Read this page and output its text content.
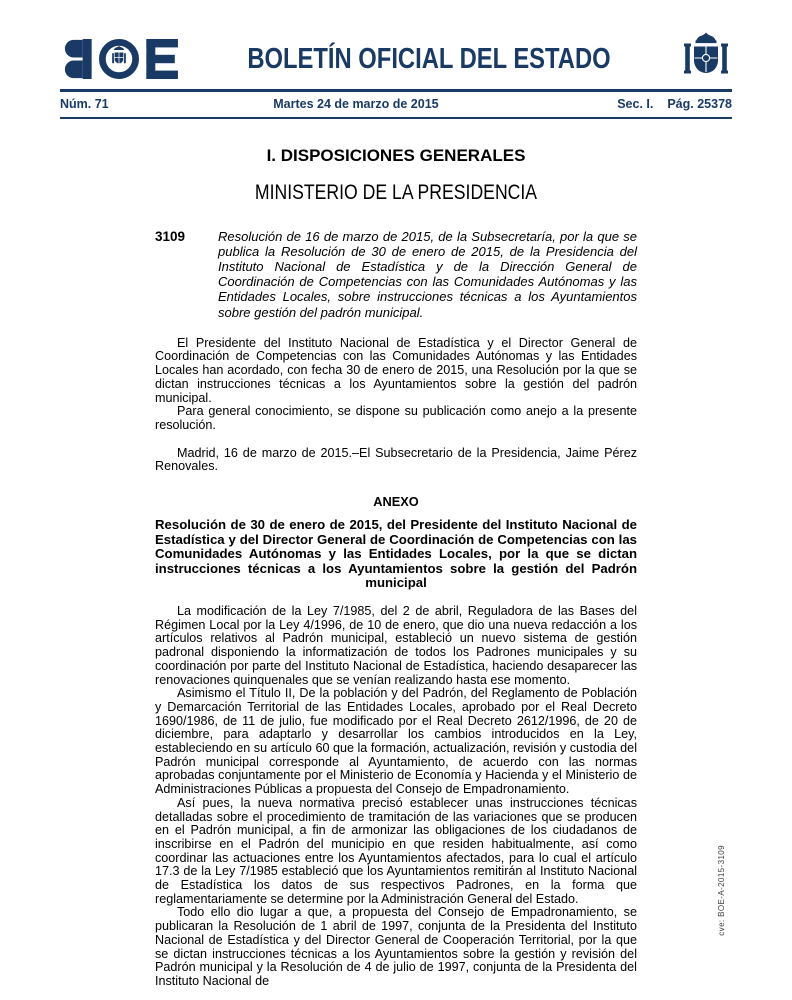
BOLETÍN OFICIAL DEL ESTADO
Núm. 71	Martes 24 de marzo de 2015	Sec. I. Pág. 25378
I. DISPOSICIONES GENERALES
MINISTERIO DE LA PRESIDENCIA
3109	Resolución de 16 de marzo de 2015, de la Subsecretaría, por la que se publica la Resolución de 30 de enero de 2015, de la Presidencia del Instituto Nacional de Estadística y de la Dirección General de Coordinación de Competencias con las Comunidades Autónomas y las Entidades Locales, sobre instrucciones técnicas a los Ayuntamientos sobre gestión del padrón municipal.

El Presidente del Instituto Nacional de Estadística y el Director General de Coordinación de Competencias con las Comunidades Autónomas y las Entidades Locales han acordado, con fecha 30 de enero de 2015, una Resolución por la que se dictan instrucciones técnicas a los Ayuntamientos sobre la gestión del padrón municipal.

Para general conocimiento, se dispone su publicación como anejo a la presente resolución.

Madrid, 16 de marzo de 2015.–El Subsecretario de la Presidencia, Jaime Pérez Renovales.

ANEXO

Resolución de 30 de enero de 2015, del Presidente del Instituto Nacional de Estadística y del Director General de Coordinación de Competencias con las Comunidades Autónomas y las Entidades Locales, por la que se dictan instrucciones técnicas a los Ayuntamientos sobre la gestión del Padrón municipal

La modificación de la Ley 7/1985, del 2 de abril, Reguladora de las Bases del Régimen Local por la Ley 4/1996, de 10 de enero, que dio una nueva redacción a los artículos relativos al Padrón municipal, estableció un nuevo sistema de gestión padronal disponiendo la informatización de todos los Padrones municipales y su coordinación por parte del Instituto Nacional de Estadística, haciendo desaparecer las renovaciones quinquenales que se venían realizando hasta ese momento.

Asimismo el Título II, De la población y del Padrón, del Reglamento de Población y Demarcación Territorial de las Entidades Locales, aprobado por el Real Decreto 1690/1986, de 11 de julio, fue modificado por el Real Decreto 2612/1996, de 20 de diciembre, para adaptarlo y desarrollar los cambios introducidos en la Ley, estableciendo en su artículo 60 que la formación, actualización, revisión y custodia del Padrón municipal corresponde al Ayuntamiento, de acuerdo con las normas aprobadas conjuntamente por el Ministerio de Economía y Hacienda y el Ministerio de Administraciones Públicas a propuesta del Consejo de Empadronamiento.

Así pues, la nueva normativa precisó establecer unas instrucciones técnicas detalladas sobre el procedimiento de tramitación de las variaciones que se producen en el Padrón municipal, a fin de armonizar las obligaciones de los ciudadanos de inscribirse en el Padrón del municipio en que residen habitualmente, así como coordinar las actuaciones entre los Ayuntamientos afectados, para lo cual el artículo 17.3 de la Ley 7/1985 estableció que los Ayuntamientos remitirán al Instituto Nacional de Estadística los datos de sus respectivos Padrones, en la forma que reglamentariamente se determine por la Administración General del Estado.

Todo ello dio lugar a que, a propuesta del Consejo de Empadronamiento, se publicaran la Resolución de 1 abril de 1997, conjunta de la Presidenta del Instituto Nacional de Estadística y del Director General de Cooperación Territorial, por la que se dictan instrucciones técnicas a los Ayuntamientos sobre la gestión y revisión del Padrón municipal y la Resolución de 4 de julio de 1997, conjunta de la Presidenta del Instituto Nacional de

cve: BOE-A-2015-3109
